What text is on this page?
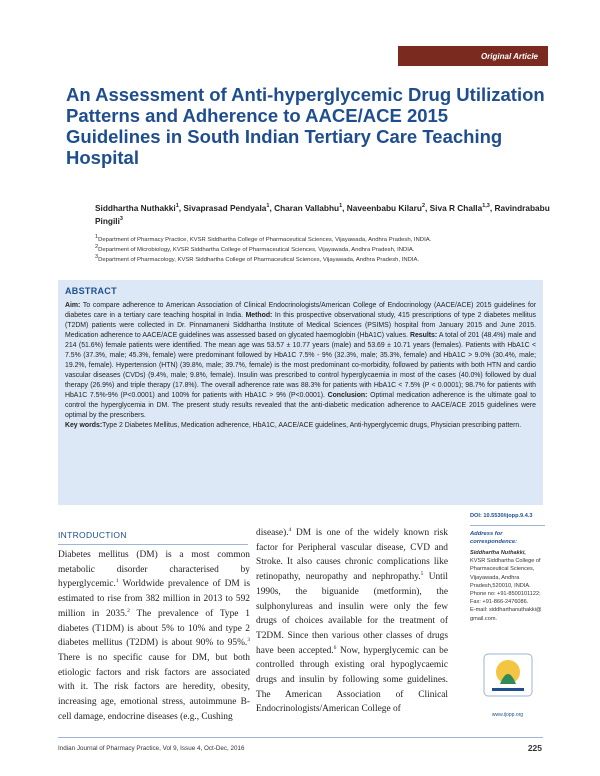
Original Article
An Assessment of Anti-hyperglycemic Drug Utilization Patterns and Adherence to AACE/ACE 2015 Guidelines in South Indian Tertiary Care Teaching Hospital
Siddhartha Nuthakki$^1$, Sivaprasad Pendyala$^1$, Charan Vallabhu$^1$, Naveenbabu Kilaru$^2$, Siva R Challa$^{1,3}$, Ravindrababu Pingili$^3$
$^1$Department of Pharmacy Practice, KVSR Siddhartha College of Pharmaceutical Sciences, Vijayawada, Andhra Pradesh, INDIA.
$^2$Department of Microbiology, KVSR Siddhartha College of Pharmaceutical Sciences, Vijayawada, Andhra Pradesh, INDIA.
$^3$Department of Pharmacology, KVSR Siddhartha College of Pharmaceutical Sciences, Vijayawada, Andhra Pradesh, INDIA.
ABSTRACT
Aim: To compare adherence to American Association of Clinical Endocrinologists/American College of Endocrinology (AACE/ACE) 2015 guidelines for diabetes care in a tertiary care teaching hospital in India. Method: In this prospective observational study, 415 prescriptions of type 2 diabetes mellitus (T2DM) patients were collected in Dr. Pinnamaneni Siddhartha Institute of Medical Sciences (PSIMS) hospital from January 2015 and June 2015. Medication adherence to AACE/ACE guidelines was assessed based on glycated haemoglobin (HbA1C) values. Results: A total of 201 (48.4%) male and 214 (51.6%) female patients were identified. The mean age was 53.57 ± 10.77 years (male) and 53.69 ± 10.71 years (females). Patients with HbA1C < 7.5% (37.3%, male; 45.3%, female) were predominant followed by HbA1C 7.5% - 9% (32.3%, male; 35.3%, female) and HbA1C > 9.0% (30.4%, male; 19.2%, female). Hypertension (HTN) (39.8%, male; 39.7%, female) is the most predominant co-morbidity, followed by patients with both HTN and cardio vascular diseases (CVDs) (9.4%, male; 9.8%, female). Insulin was prescribed to control hyperglycaemia in most of the cases (40.0%) followed by dual therapy (26.9%) and triple therapy (17.8%). The overall adherence rate was 88.3% for patients with HbA1C < 7.5% (P < 0.0001); 98.7% for patients with HbA1C 7.5%-9% (P<0.0001) and 100% for patients with HbA1C > 9% (P<0.0001). Conclusion: Optimal medication adherence is the ultimate goal to control the hyperglycemia in DM. The present study results revealed that the anti-diabetic medication adherence to AACE/ACE 2015 guidelines were optimal by the prescribers.
Key words:Type 2 Diabetes Mellitus, Medication adherence, HbA1C, AACE/ACE guidelines, Anti-hyperglycemic drugs, Physician prescribing pattern.
INTRODUCTION
Diabetes mellitus (DM) is a most common metabolic disorder characterised by hyperglycemic.$^1$ Worldwide prevalence of DM is estimated to rise from 382 million in 2013 to 592 million in 2035.$^2$ The prevalence of Type 1 diabetes (T1DM) is about 5% to 10% and type 2 diabetes mellitus (T2DM) is about 90% to 95%.$^3$ There is no specific cause for DM, but both etiologic factors and risk factors are associated with it. The risk factors are heredity, obesity, increasing age, emotional stress, autoimmune B-cell damage, endocrine diseases (e.g., Cushing
disease).$^4$ DM is one of the widely known risk factor for Peripheral vascular disease, CVD and Stroke. It also causes chronic complications like retinopathy, neuropathy and nephropathy.$^5$ Until 1990s, the biguanide (metformin), the sulphonylureas and insulin were only the few drugs of choices available for the treatment of T2DM. Since then various other classes of drugs have been accepted.$^6$ Now, hyperglycemic can be controlled through existing oral hypoglycaemic drugs and insulin by following some guidelines. The American Association of Clinical Endocrinologists/American College of
DOI: 10.5530/ijopp.9.4.3
Address for correspondence:
Siddhartha Nuthakki,
KVSR Siddhartha College of
Pharmaceutical Sciences,
Vijayawada, Andhra
Pradesh,520010, INDIA.
Phone no: +91-8500101122;
Fax: +91-866-2476086.
E-mail: siddharthanuthakki@
gmail.com.
www.ijopp.org
Indian Journal of Pharmacy Practice, Vol 9, Issue 4, Oct-Dec, 2016	225
